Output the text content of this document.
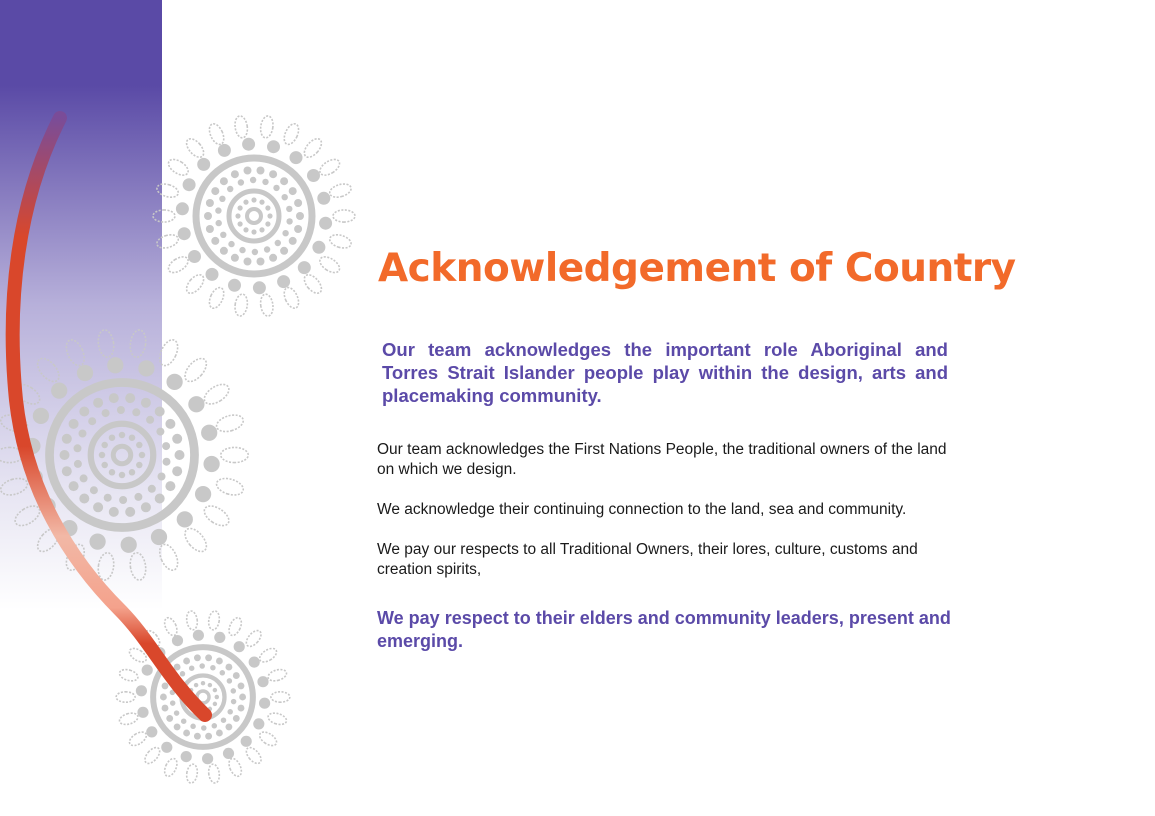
Acknowledgement of Country

Our team acknowledges the important role Aboriginal and Torres Strait Islander people play within the design, arts and placemaking community.

Our team acknowledges the First Nations People, the traditional owners of the land on which we design.

We acknowledge their continuing connection to the land, sea and community.

We pay our respects to all Traditional Owners, their lores, culture, customs and creation spirits,

We pay respect to their elders and community leaders, present and emerging.
